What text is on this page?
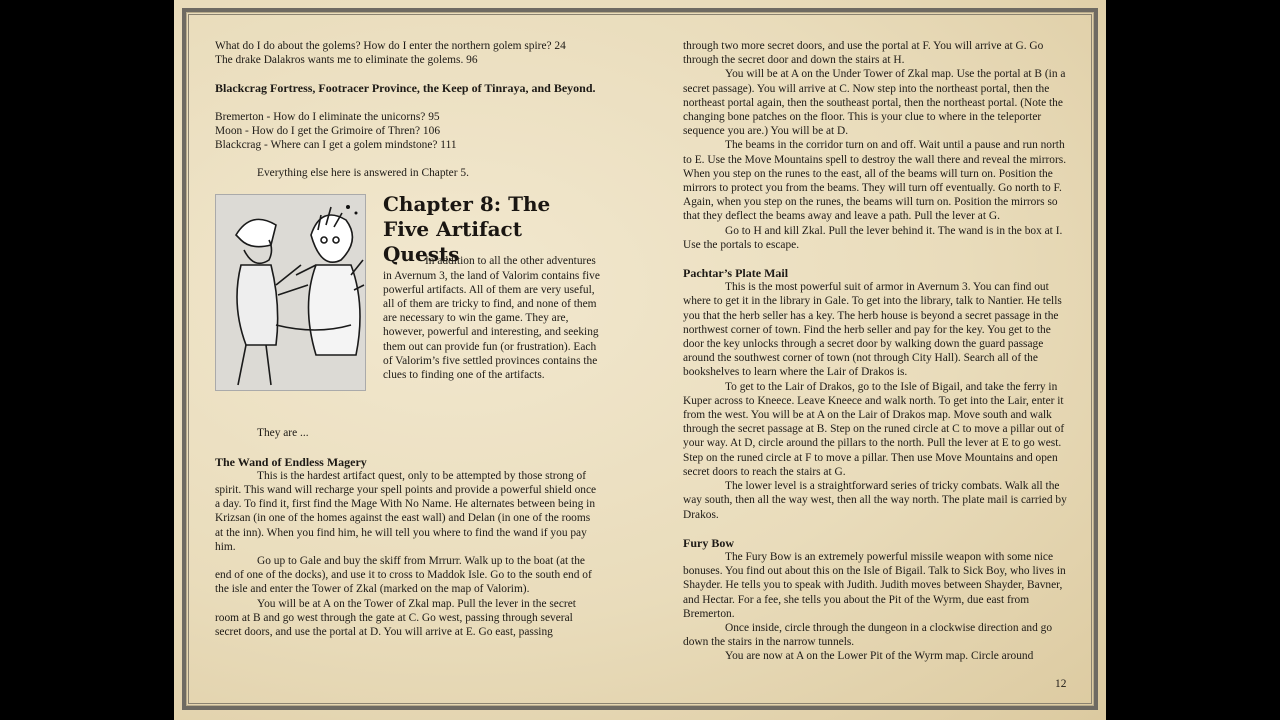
What do I do about the golems? How do I enter the northern golem spire? 24

The drake Dalakros wants me to eliminate the golems. 96

Blackcrag Fortress, Footracer Province, the Keep of Tinraya, and Beyond.

Bremerton - How do I eliminate the unicorns? 95

Moon - How do I get the Grimoire of Thren? 106

Blackcrag - Where can I get a golem mindstone? 111

Everything else here is answered in Chapter 5.

Chapter 8: The Five Artifact Quests

In addition to all the other adventures in Avernum 3, the land of Valorim contains five powerful artifacts. All of them are very useful, all of them are tricky to find, and none of them are necessary to win the game. They are, however, powerful and interesting, and seeking them out can provide fun (or frustration). Each of Valorim’s five settled provinces contains the clues to finding one of the artifacts.

They are ...

The Wand of Endless Magery

This is the hardest artifact quest, only to be attempted by those strong of spirit. This wand will recharge your spell points and provide a powerful shield once a day. To find it, first find the Mage With No Name. He alternates between being in Krizsan (in one of the homes against the east wall) and Delan (in one of the rooms at the inn). When you find him, he will tell you where to find the wand if you pay him.

Go up to Gale and buy the skiff from Mrrurr. Walk up to the boat (at the end of one of the docks), and use it to cross to Maddok Isle. Go to the south end of the isle and enter the Tower of Zkal (marked on the map of Valorim).

You will be at A on the Tower of Zkal map. Pull the lever in the secret room at B and go west through the gate at C. Go west, passing through several secret doors, and use the portal at D. You will arrive at E. Go east, passing

through two more secret doors, and use the portal at F. You will arrive at G. Go through the secret door and down the stairs at H.

You will be at A on the Under Tower of Zkal map. Use the portal at B (in a secret passage). You will arrive at C. Now step into the northeast portal, then the northeast portal again, then the southeast portal, then the northeast portal. (Note the changing bone patches on the floor. This is your clue to where in the teleporter sequence you are.) You will be at D.

The beams in the corridor turn on and off. Wait until a pause and run north to E. Use the Move Mountains spell to destroy the wall there and reveal the mirrors. When you step on the runes to the east, all of the beams will turn on. Position the mirrors to protect you from the beams. They will turn off eventually. Go north to F. Again, when you step on the runes, the beams will turn on. Position the mirrors so that they deflect the beams away and leave a path. Pull the lever at G.

Go to H and kill Zkal. Pull the lever behind it. The wand is in the box at I. Use the portals to escape.

Pachtar’s Plate Mail

This is the most powerful suit of armor in Avernum 3. You can find out where to get it in the library in Gale. To get into the library, talk to Nantier. He tells you that the herb seller has a key. The herb house is beyond a secret passage in the northwest corner of town. Find the herb seller and pay for the key. You get to the door the key unlocks through a secret door by walking down the guard passage around the southwest corner of town (not through City Hall). Search all of the bookshelves to learn where the Lair of Drakos is.

To get to the Lair of Drakos, go to the Isle of Bigail, and take the ferry in Kuper across to Kneece. Leave Kneece and walk north. To get into the Lair, enter it from the west. You will be at A on the Lair of Drakos map. Move south and walk through the secret passage at B. Step on the runed circle at C to move a pillar out of your way. At D, circle around the pillars to the north. Pull the lever at E to go west. Step on the runed circle at F to move a pillar. Then use Move Mountains and open secret doors to reach the stairs at G.

The lower level is a straightforward series of tricky combats. Walk all the way south, then all the way west, then all the way north. The plate mail is carried by Drakos.

Fury Bow

The Fury Bow is an extremely powerful missile weapon with some nice bonuses. You find out about this on the Isle of Bigail. Talk to Sick Boy, who lives in Shayder. He tells you to speak with Judith. Judith moves between Shayder, Bavner, and Hectar. For a fee, she tells you about the Pit of the Wyrm, due east from Bremerton.

Once inside, circle through the dungeon in a clockwise direction and go down the stairs in the narrow tunnels.

You are now at A on the Lower Pit of the Wyrm map. Circle around

12
